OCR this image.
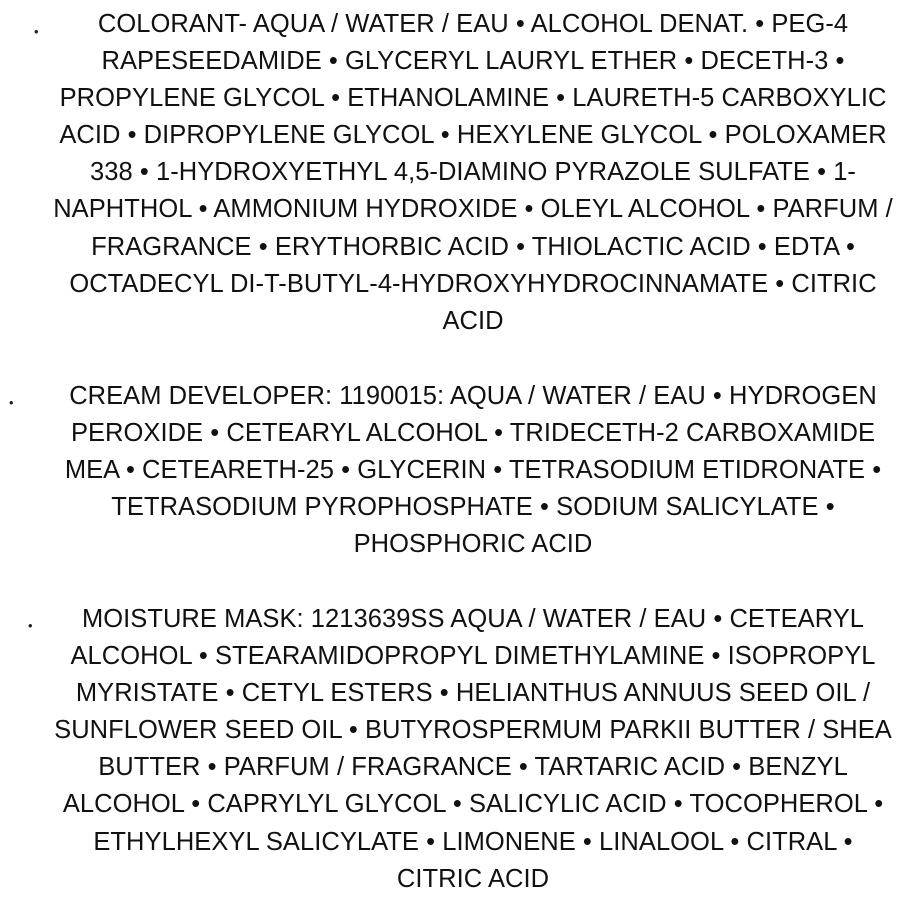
•	COLORANT- AQUA / WATER / EAU • ALCOHOL DENAT. • PEG-4 RAPESEEDAMIDE • GLYCERYL LAURYL ETHER • DECETH-3 • PROPYLENE GLYCOL • ETHANOLAMINE • LAURETH-5 CARBOXYLIC ACID • DIPROPYLENE GLYCOL • HEXYLENE GLYCOL • POLOXAMER 338 • 1-HYDROXYETHYL 4,5-DIAMINO PYRAZOLE SULFATE • 1-NAPHTHOL • AMMONIUM HYDROXIDE • OLEYL ALCOHOL • PARFUM / FRAGRANCE • ERYTHORBIC ACID • THIOLACTIC ACID • EDTA • OCTADECYL DI-T-BUTYL-4-HYDROXYHYDROCINNAMATE • CITRIC ACID

•	CREAM DEVELOPER: 1190015: AQUA / WATER / EAU • HYDROGEN PEROXIDE • CETEARYL ALCOHOL • TRIDECETH-2 CARBOXAMIDE MEA • CETEARETH-25 • GLYCERIN • TETRASODIUM ETIDRONATE • TETRASODIUM PYROPHOSPHATE • SODIUM SALICYLATE • PHOSPHORIC ACID

•	MOISTURE MASK: 1213639SS AQUA / WATER / EAU • CETEARYL ALCOHOL • STEARAMIDOPROPYL DIMETHYLAMINE • ISOPROPYL MYRISTATE • CETYL ESTERS • HELIANTHUS ANNUUS SEED OIL / SUNFLOWER SEED OIL • BUTYROSPERMUM PARKII BUTTER / SHEA BUTTER • PARFUM / FRAGRANCE • TARTARIC ACID • BENZYL ALCOHOL • CAPRYLYL GLYCOL • SALICYLIC ACID • TOCOPHEROL • ETHYLHEXYL SALICYLATE • LIMONENE • LINALOOL • CITRAL • CITRIC ACID
